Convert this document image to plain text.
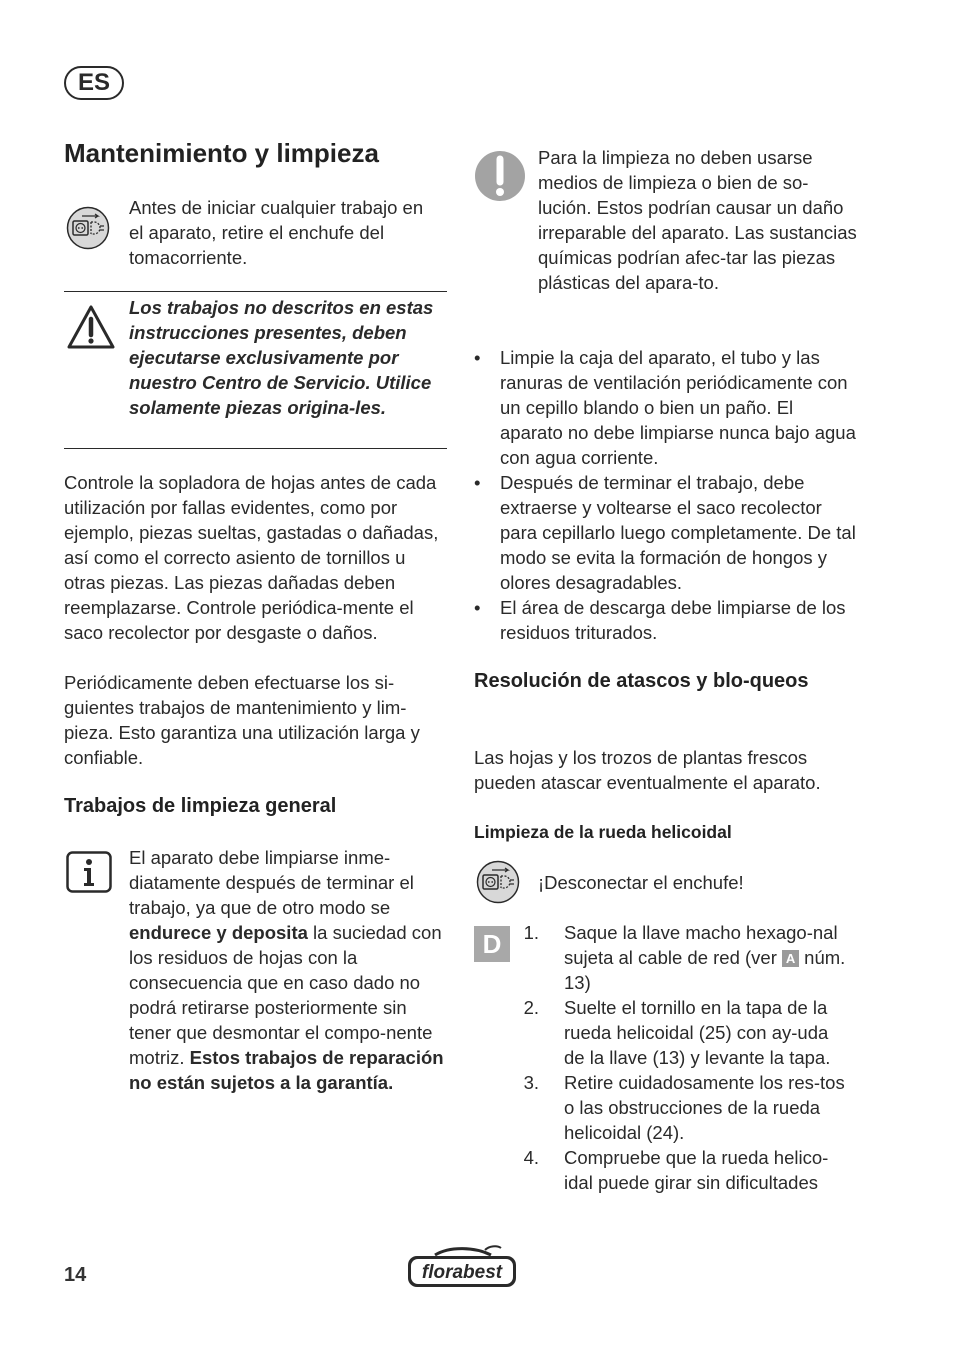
ES
Mantenimiento y limpieza

Antes de iniciar cualquier trabajo en el aparato, retire el enchufe del tomacorriente.

Los trabajos no descritos en estas instrucciones presentes, deben ejecutarse exclusivamente por nuestro Centro de Servicio. Utilice solamente piezas origina-les.

Controle la sopladora de hojas antes de cada utilización por fallas evidentes, como por ejemplo, piezas sueltas, gastadas o dañadas, así como el correcto asiento de tornillos u otras piezas. Las piezas dañadas deben reemplazarse. Controle periódica-mente el saco recolector por desgaste o daños.

Periódicamente deben efectuarse los si-guientes trabajos de mantenimiento y lim-pieza. Esto garantiza una utilización larga y confiable.

Trabajos de limpieza general

El aparato debe limpiarse inme-diatamente después de terminar el trabajo, ya que de otro modo se endurece y deposita la suciedad con los residuos de hojas con la consecuencia que en caso dado no podrá retirarse posteriormente sin tener que desmontar el compo-nente motriz. Estos trabajos de reparación no están sujetos a la garantía.

Para la limpieza no deben usarse medios de limpieza o bien de so-lución. Estos podrían causar un daño irreparable del aparato. Las sustancias químicas podrían afec-tar las piezas plásticas del apara-to.

• Limpie la caja del aparato, el tubo y las ranuras de ventilación periódicamente con un cepillo blando o bien un paño. El aparato no debe limpiarse nunca bajo agua con agua corriente.
• Después de terminar el trabajo, debe extraerse y voltearse el saco recolector para cepillarlo luego completamente. De tal modo se evita la formación de hongos y olores desagradables.
• El área de descarga debe limpiarse de los residuos triturados.
Resolución de atascos y blo-queos

Las hojas y los trozos de plantas frescos pueden atascar eventualmente el aparato.

Limpieza de la rueda helicoidal

¡Desconectar el enchufe!

D	1. Saque la llave macho hexago-nal sujeta al cable de red (ver A núm. 13)
2. Suelte el tornillo en la tapa de la rueda helicoidal (25) con ay-uda de la llave (13) y levante la tapa.
3. Retire cuidadosamente los res-tos o las obstrucciones de la rueda helicoidal (24).
4. Compruebe que la rueda helico-idal puede girar sin dificultades
14	florabest
